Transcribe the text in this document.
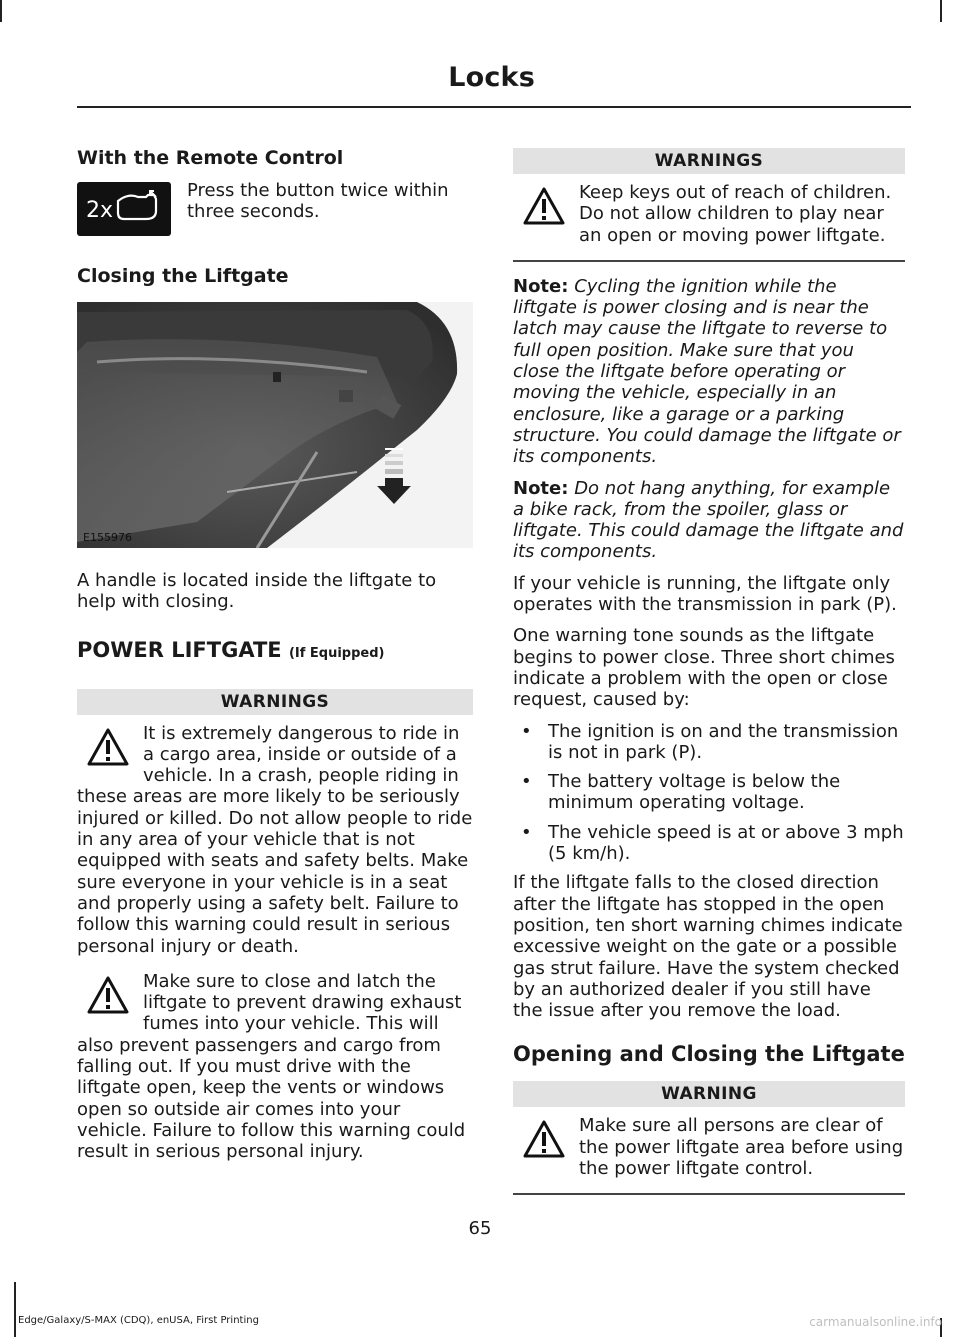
Locks
With the Remote Control
2x
Press the button twice within three seconds.
Closing the Liftgate
E155976

A handle is located inside the liftgate to help with closing.

POWER LIFTGATE (If Equipped)
WARNINGS

It is extremely dangerous to ride in a cargo area, inside or outside of a vehicle. In a crash, people riding in these areas are more likely to be seriously injured or killed. Do not allow people to ride in any area of your vehicle that is not equipped with seats and safety belts. Make sure everyone in your vehicle is in a seat and properly using a safety belt. Failure to follow this warning could result in serious personal injury or death.

Make sure to close and latch the liftgate to prevent drawing exhaust fumes into your vehicle. This will also prevent passengers and cargo from falling out. If you must drive with the liftgate open, keep the vents or windows open so outside air comes into your vehicle. Failure to follow this warning could result in serious personal injury.

WARNINGS

Keep keys out of reach of children. Do not allow children to play near an open or moving power liftgate.

Note: Cycling the ignition while the liftgate is power closing and is near the latch may cause the liftgate to reverse to full open position. Make sure that you close the liftgate before operating or moving the vehicle, especially in an enclosure, like a garage or a parking structure. You could damage the liftgate or its components.

Note: Do not hang anything, for example a bike rack, from the spoiler, glass or liftgate. This could damage the liftgate and its components.

If your vehicle is running, the liftgate only operates with the transmission in park (P).

One warning tone sounds as the liftgate begins to power close. Three short chimes indicate a problem with the open or close request, caused by:

• The ignition is on and the transmission is not in park (P).
• The battery voltage is below the minimum operating voltage.
• The vehicle speed is at or above 3 mph (5 km/h).

If the liftgate falls to the closed direction after the liftgate has stopped in the open position, ten short warning chimes indicate excessive weight on the gate or a possible gas strut failure. Have the system checked by an authorized dealer if you still have the issue after you remove the load.

Opening and Closing the Liftgate
WARNING

Make sure all persons are clear of the power liftgate area before using the power liftgate control.

65

Edge/Galaxy/S-MAX (CDQ), enUSA, First Printing	carmanualsonline.info
